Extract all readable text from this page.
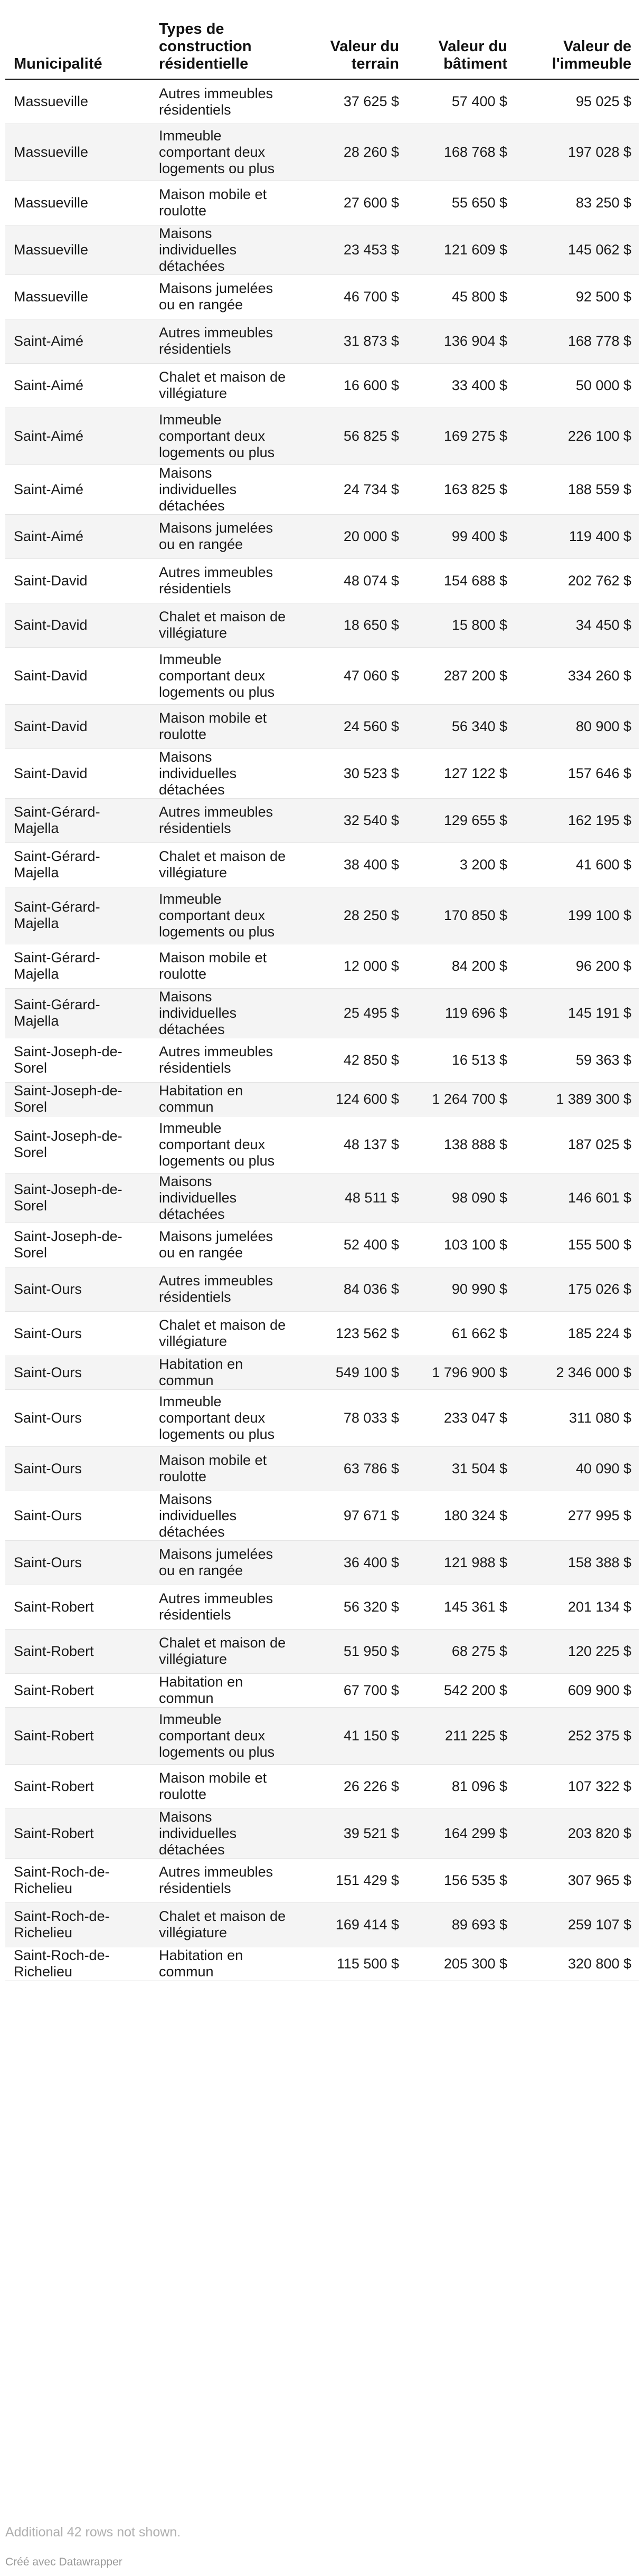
Municipalité	Types de construction résidentielle	Valeur du terrain	Valeur du bâtiment	Valeur de l'immeuble
Massueville	Autres immeubles résidentiels	37 625 $	57 400 $	95 025 $
Massueville	Immeuble comportant deux logements ou plus	28 260 $	168 768 $	197 028 $
Massueville	Maison mobile et roulotte	27 600 $	55 650 $	83 250 $
Massueville	Maisons individuelles détachées	23 453 $	121 609 $	145 062 $
Massueville	Maisons jumelées ou en rangée	46 700 $	45 800 $	92 500 $
Saint-Aimé	Autres immeubles résidentiels	31 873 $	136 904 $	168 778 $
Saint-Aimé	Chalet et maison de villégiature	16 600 $	33 400 $	50 000 $
Saint-Aimé	Immeuble comportant deux logements ou plus	56 825 $	169 275 $	226 100 $
Saint-Aimé	Maisons individuelles détachées	24 734 $	163 825 $	188 559 $
Saint-Aimé	Maisons jumelées ou en rangée	20 000 $	99 400 $	119 400 $
Saint-David	Autres immeubles résidentiels	48 074 $	154 688 $	202 762 $
Saint-David	Chalet et maison de villégiature	18 650 $	15 800 $	34 450 $
Saint-David	Immeuble comportant deux logements ou plus	47 060 $	287 200 $	334 260 $
Saint-David	Maison mobile et roulotte	24 560 $	56 340 $	80 900 $
Saint-David	Maisons individuelles détachées	30 523 $	127 122 $	157 646 $
Saint-Gérard-Majella	Autres immeubles résidentiels	32 540 $	129 655 $	162 195 $
Saint-Gérard-Majella	Chalet et maison de villégiature	38 400 $	3 200 $	41 600 $
Saint-Gérard-Majella	Immeuble comportant deux logements ou plus	28 250 $	170 850 $	199 100 $
Saint-Gérard-Majella	Maison mobile et roulotte	12 000 $	84 200 $	96 200 $
Saint-Gérard-Majella	Maisons individuelles détachées	25 495 $	119 696 $	145 191 $
Saint-Joseph-de-Sorel	Autres immeubles résidentiels	42 850 $	16 513 $	59 363 $
Saint-Joseph-de-Sorel	Habitation en commun	124 600 $	1 264 700 $	1 389 300 $
Saint-Joseph-de-Sorel	Immeuble comportant deux logements ou plus	48 137 $	138 888 $	187 025 $
Saint-Joseph-de-Sorel	Maisons individuelles détachées	48 511 $	98 090 $	146 601 $
Saint-Joseph-de-Sorel	Maisons jumelées ou en rangée	52 400 $	103 100 $	155 500 $
Saint-Ours	Autres immeubles résidentiels	84 036 $	90 990 $	175 026 $
Saint-Ours	Chalet et maison de villégiature	123 562 $	61 662 $	185 224 $
Saint-Ours	Habitation en commun	549 100 $	1 796 900 $	2 346 000 $
Saint-Ours	Immeuble comportant deux logements ou plus	78 033 $	233 047 $	311 080 $
Saint-Ours	Maison mobile et roulotte	63 786 $	31 504 $	40 090 $
Saint-Ours	Maisons individuelles détachées	97 671 $	180 324 $	277 995 $
Saint-Ours	Maisons jumelées ou en rangée	36 400 $	121 988 $	158 388 $
Saint-Robert	Autres immeubles résidentiels	56 320 $	145 361 $	201 134 $
Saint-Robert	Chalet et maison de villégiature	51 950 $	68 275 $	120 225 $
Saint-Robert	Habitation en commun	67 700 $	542 200 $	609 900 $
Saint-Robert	Immeuble comportant deux logements ou plus	41 150 $	211 225 $	252 375 $
Saint-Robert	Maison mobile et roulotte	26 226 $	81 096 $	107 322 $
Saint-Robert	Maisons individuelles détachées	39 521 $	164 299 $	203 820 $
Saint-Roch-de-Richelieu	Autres immeubles résidentiels	151 429 $	156 535 $	307 965 $
Saint-Roch-de-Richelieu	Chalet et maison de villégiature	169 414 $	89 693 $	259 107 $
Saint-Roch-de-Richelieu	Habitation en commun	115 500 $	205 300 $	320 800 $
Additional 42 rows not shown.
Créé avec Datawrapper
